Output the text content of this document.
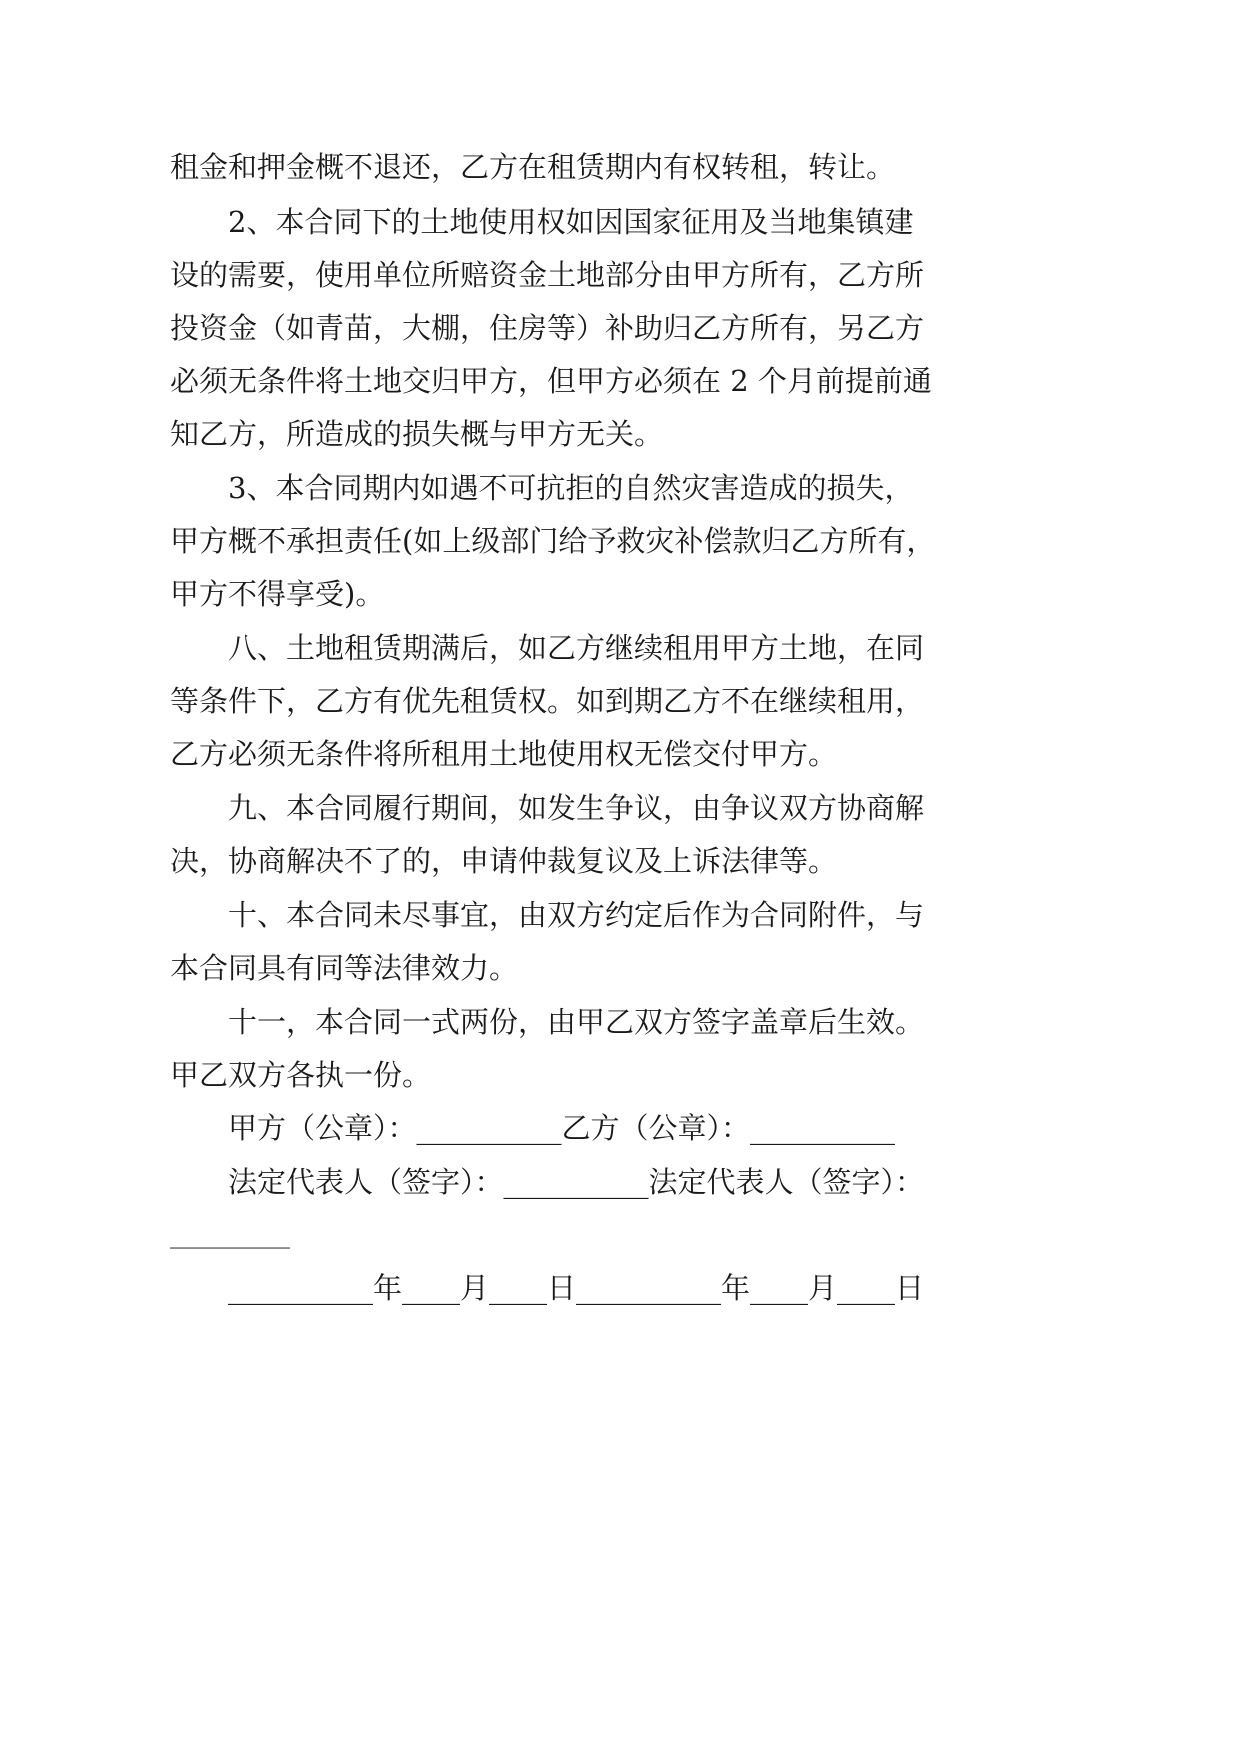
租金和押金概不退还，乙方在租赁期内有权转租，转让。
2、本合同下的土地使用权如因国家征用及当地集镇建
设的需要，使用单位所赔资金土地部分由甲方所有，乙方所
投资金（如青苗，大棚，住房等）补助归乙方所有，另乙方
必须无条件将土地交归甲方，但甲方必须在 2 个月前提前通
知乙方，所造成的损失概与甲方无关。
3、本合同期内如遇不可抗拒的自然灾害造成的损失，
甲方概不承担责任(如上级部门给予救灾补偿款归乙方所有，
甲方不得享受)。
八、土地租赁期满后，如乙方继续租用甲方土地，在同
等条件下，乙方有优先租赁权。如到期乙方不在继续租用，
乙方必须无条件将所租用土地使用权无偿交付甲方。
九、本合同履行期间，如发生争议，由争议双方协商解
决，协商解决不了的，申请仲裁复议及上诉法律等。
十、本合同未尽事宜，由双方约定后作为合同附件，与
本合同具有同等法律效力。
十一，本合同一式两份，由甲乙双方签字盖章后生效。
甲乙双方各执一份。
甲方（公章）：__________乙方（公章）：__________
法定代表人（签字）：__________法定代表人（签字）：
__________
__________年____月____日__________年____月____日
